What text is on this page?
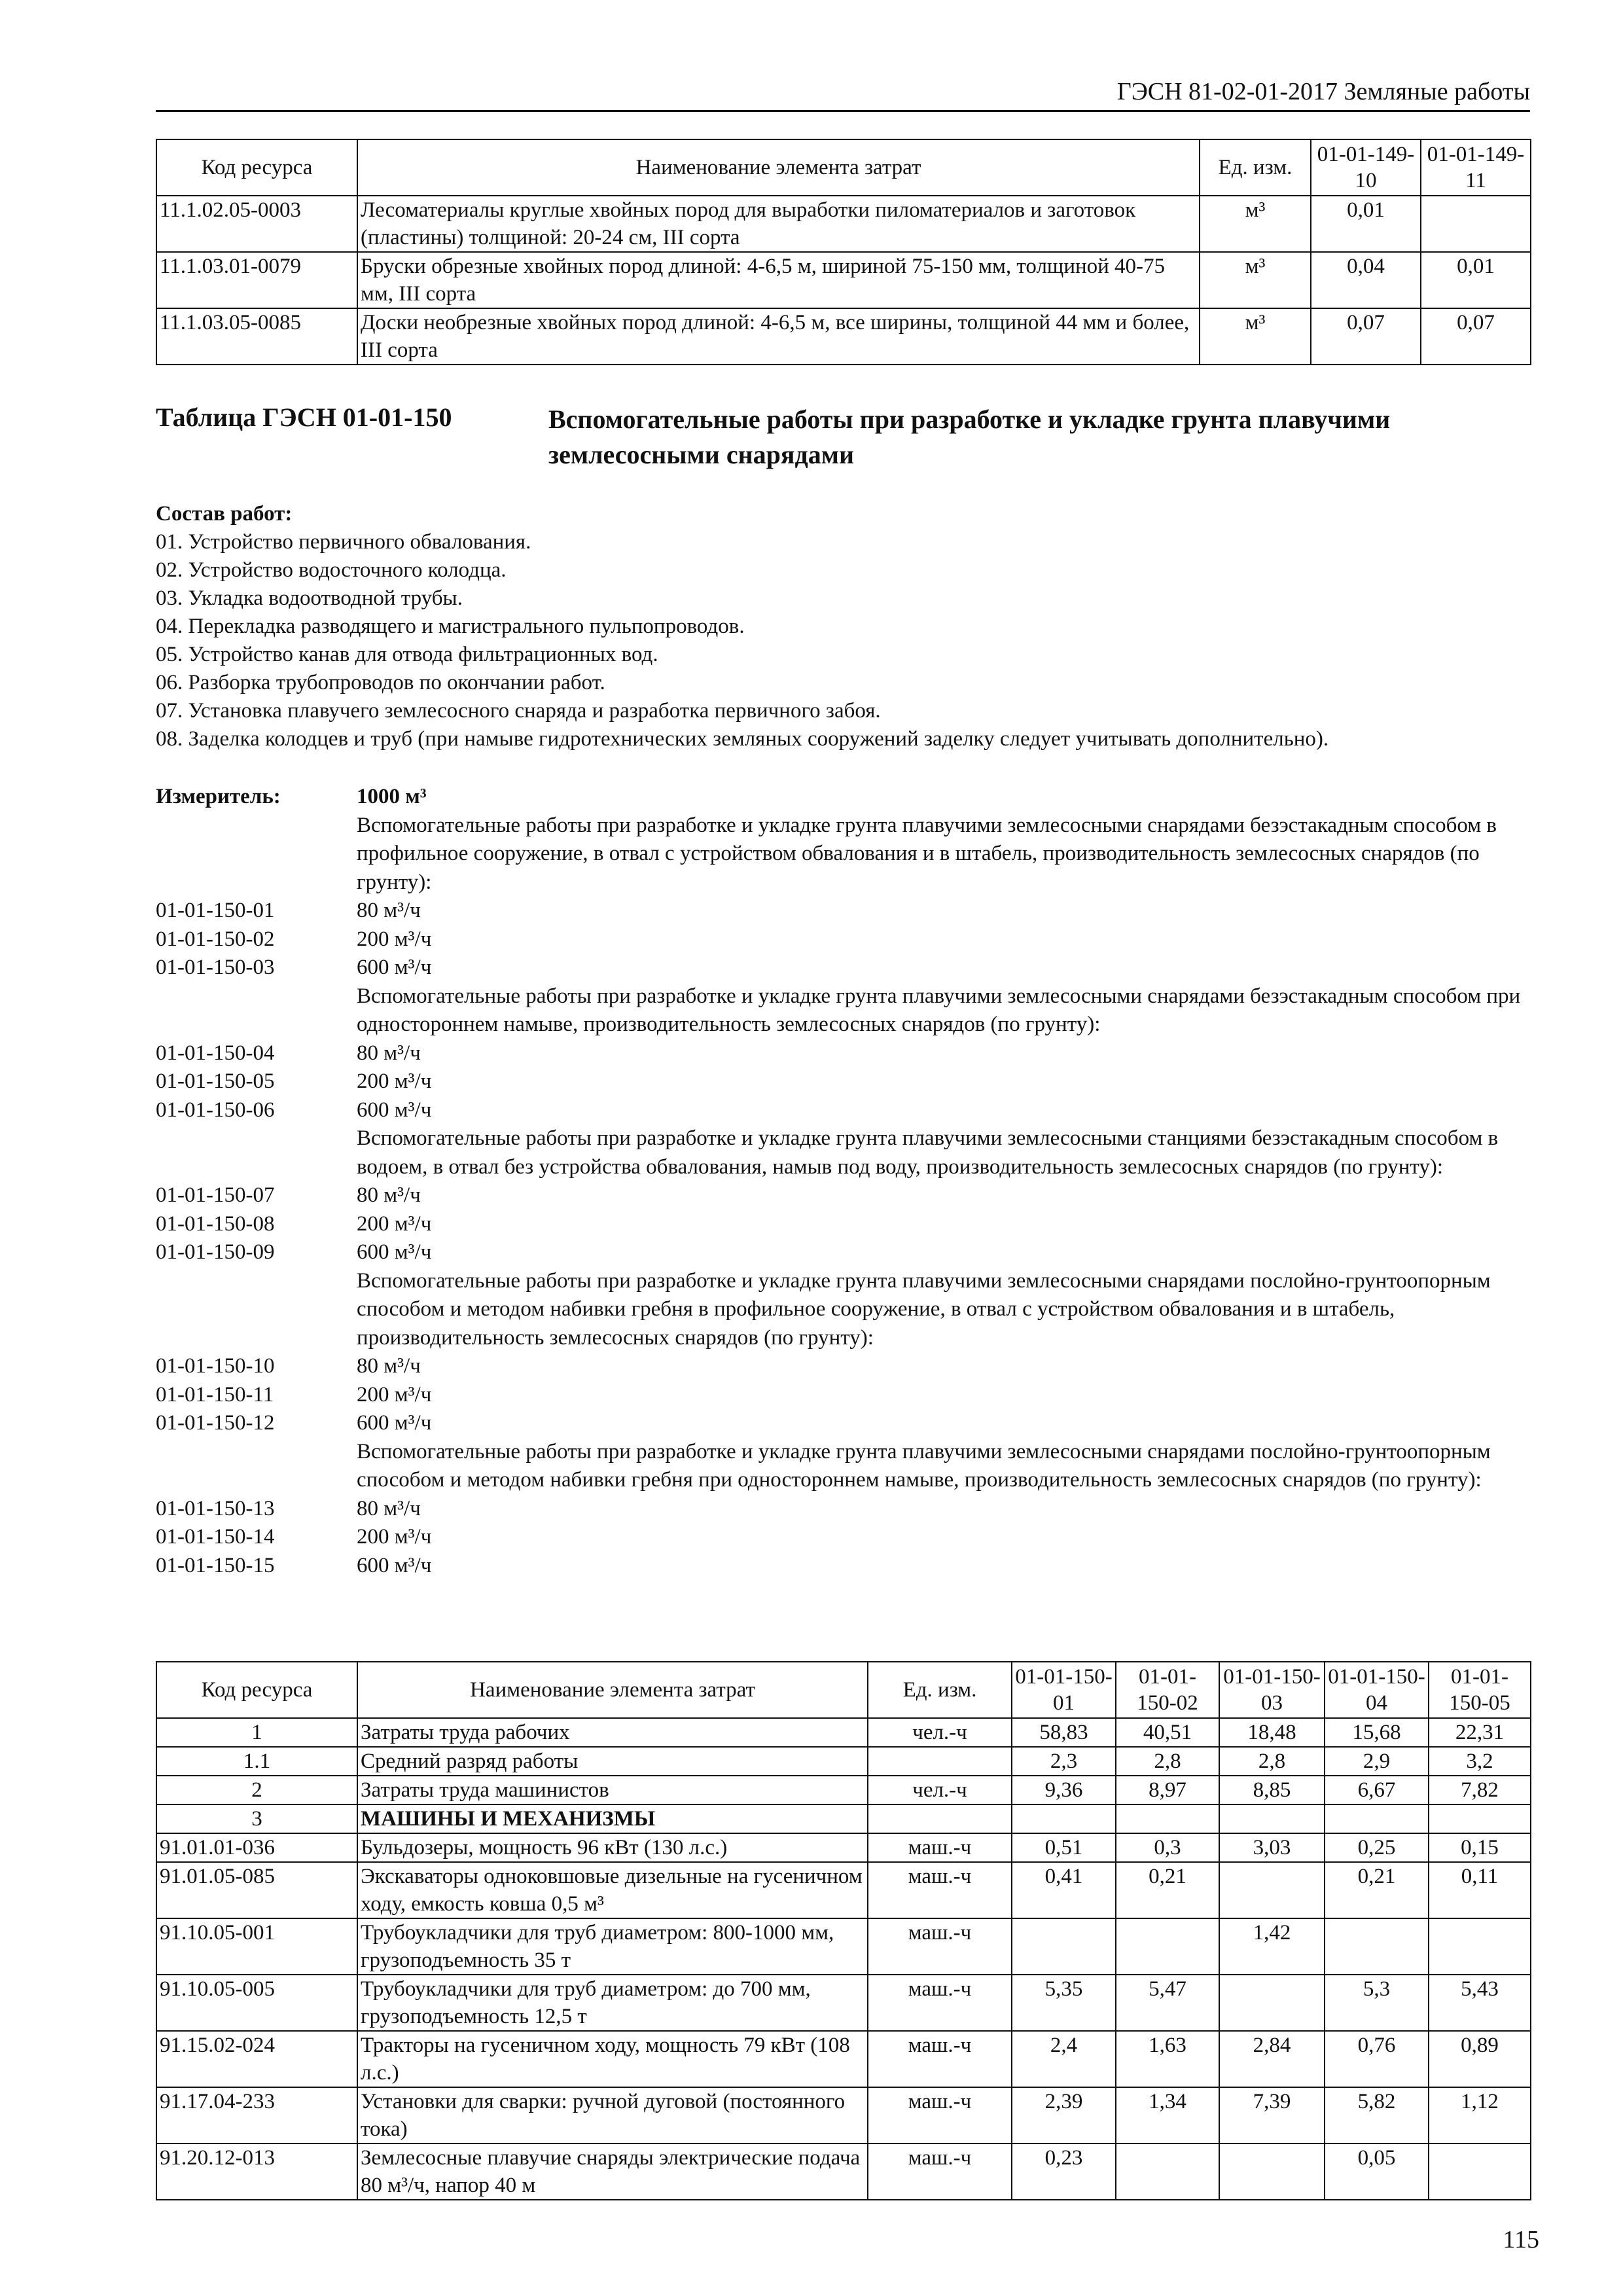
ГЭСН 81-02-01-2017 Земляные работы
Код ресурса	Наименование элемента затрат	Ед. изм.	01-01-149-10	01-01-149-11
11.1.02.05-0003	Лесоматериалы круглые хвойных пород для выработки пиломатериалов и заготовок (пластины) толщиной: 20-24 см, III сорта	м³	0,01	
11.1.03.01-0079	Бруски обрезные хвойных пород длиной: 4-6,5 м, шириной 75-150 мм, толщиной 40-75 мм, III сорта	м³	0,04	0,01
11.1.03.05-0085	Доски необрезные хвойных пород длиной: 4-6,5 м, все ширины, толщиной 44 мм и более, III сорта	м³	0,07	0,07
Таблица ГЭСН 01-01-150	Вспомогательные работы при разработке и укладке грунта плавучими землесосными снарядами
Состав работ:
01. Устройство первичного обвалования.
02. Устройство водосточного колодца.
03. Укладка водоотводной трубы.
04. Перекладка разводящего и магистрального пульпопроводов.
05. Устройство канав для отвода фильтрационных вод.
06. Разборка трубопроводов по окончании работ.
07. Установка плавучего землесосного снаряда и разработка первичного забоя.
08. Заделка колодцев и труб (при намыве гидротехнических земляных сооружений заделку следует учитывать дополнительно).
Измеритель:	1000 м³
Вспомогательные работы при разработке и укладке грунта плавучими землесосными снарядами безэстакадным способом в профильное сооружение, в отвал с устройством обвалования и в штабель, производительность землесосных снарядов (по грунту):
01-01-150-01	80 м³/ч
01-01-150-02	200 м³/ч
01-01-150-03	600 м³/ч
Вспомогательные работы при разработке и укладке грунта плавучими землесосными снарядами безэстакадным способом при одностороннем намыве, производительность землесосных снарядов (по грунту):
01-01-150-04	80 м³/ч
01-01-150-05	200 м³/ч
01-01-150-06	600 м³/ч
Вспомогательные работы при разработке и укладке грунта плавучими землесосными станциями безэстакадным способом в водоем, в отвал без устройства обвалования, намыв под воду, производительность землесосных снарядов (по грунту):
01-01-150-07	80 м³/ч
01-01-150-08	200 м³/ч
01-01-150-09	600 м³/ч
Вспомогательные работы при разработке и укладке грунта плавучими землесосными снарядами послойно-грунтоопорным способом и методом набивки гребня в профильное сооружение, в отвал с устройством обвалования и в штабель, производительность землесосных снарядов (по грунту):
01-01-150-10	80 м³/ч
01-01-150-11	200 м³/ч
01-01-150-12	600 м³/ч
Вспомогательные работы при разработке и укладке грунта плавучими землесосными снарядами послойно-грунтоопорным способом и методом набивки гребня при одностороннем намыве, производительность землесосных снарядов (по грунту):
01-01-150-13	80 м³/ч
01-01-150-14	200 м³/ч
01-01-150-15	600 м³/ч
Код ресурса	Наименование элемента затрат	Ед. изм.	01-01-150-01	01-01-150-02	01-01-150-03	01-01-150-04	01-01-150-05
1	Затраты труда рабочих	чел.-ч	58,83	40,51	18,48	15,68	22,31
1.1	Средний разряд работы		2,3	2,8	2,8	2,9	3,2
2	Затраты труда машинистов	чел.-ч	9,36	8,97	8,85	6,67	7,82
3	МАШИНЫ И МЕХАНИЗМЫ						
91.01.01-036	Бульдозеры, мощность 96 кВт (130 л.с.)	маш.-ч	0,51	0,3	3,03	0,25	0,15
91.01.05-085	Экскаваторы одноковшовые дизельные на гусеничном ходу, емкость ковша 0,5 м³	маш.-ч	0,41	0,21		0,21	0,11
91.10.05-001	Трубоукладчики для труб диаметром: 800-1000 мм, грузоподъемность 35 т	маш.-ч			1,42		
91.10.05-005	Трубоукладчики для труб диаметром: до 700 мм, грузоподъемность 12,5 т	маш.-ч	5,35	5,47		5,3	5,43
91.15.02-024	Тракторы на гусеничном ходу, мощность 79 кВт (108 л.с.)	маш.-ч	2,4	1,63	2,84	0,76	0,89
91.17.04-233	Установки для сварки: ручной дуговой (постоянного тока)	маш.-ч	2,39	1,34	7,39	5,82	1,12
91.20.12-013	Землесосные плавучие снаряды электрические подача 80 м³/ч, напор 40 м	маш.-ч	0,23			0,05	
115
